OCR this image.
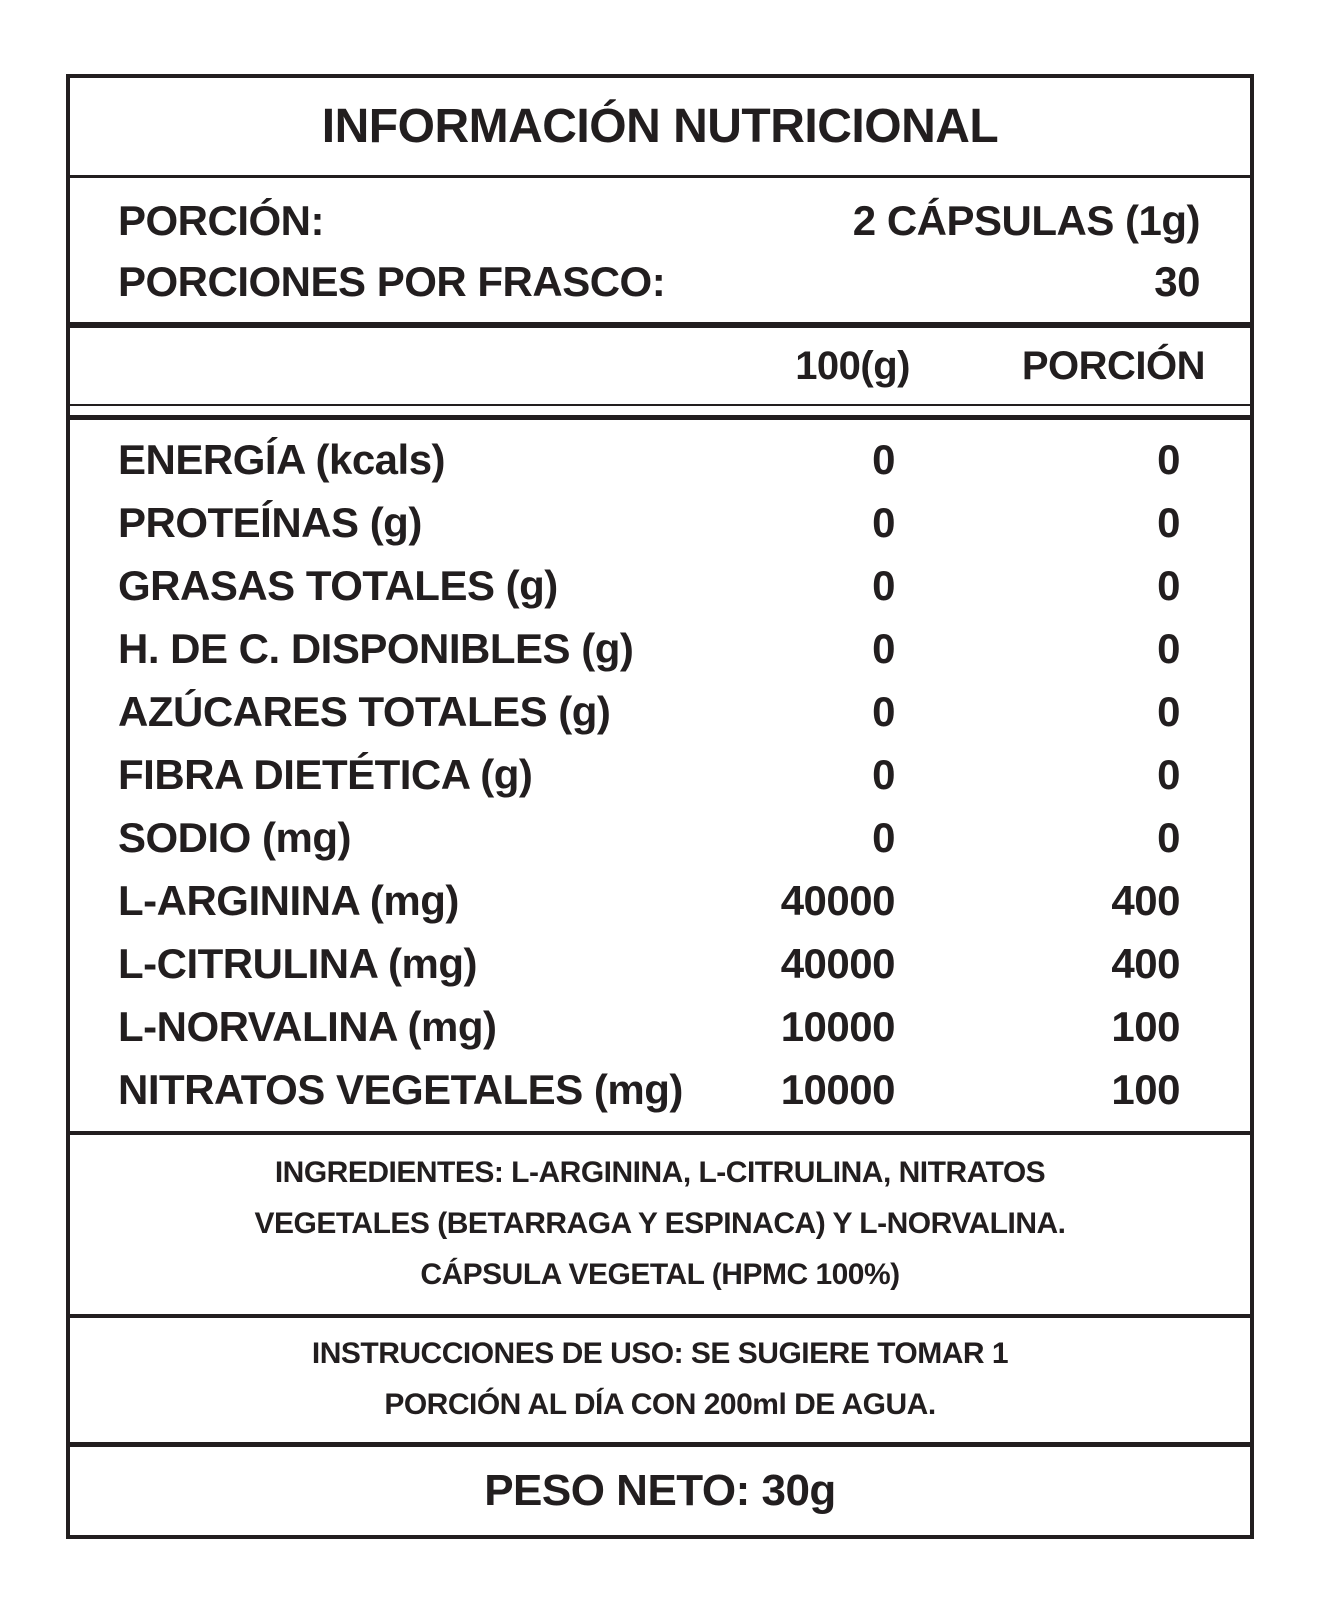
INFORMACIÓN NUTRICIONAL
PORCIÓN:	2 CÁPSULAS (1g)
PORCIONES POR FRASCO:	30
100(g)	PORCIÓN
ENERGÍA (kcals)	0	0
PROTEÍNAS (g)	0	0
GRASAS TOTALES (g)	0	0
H. DE C. DISPONIBLES (g)	0	0
AZÚCARES TOTALES (g)	0	0
FIBRA DIETÉTICA (g)	0	0
SODIO (mg)	0	0
L-ARGININA (mg)	40000	400
L-CITRULINA (mg)	40000	400
L-NORVALINA (mg)	10000	100
NITRATOS VEGETALES (mg) 10000	100
INGREDIENTES: L-ARGININA, L-CITRULINA, NITRATOS
VEGETALES (BETARRAGA Y ESPINACA) Y L-NORVALINA.
CÁPSULA VEGETAL (HPMC 100%)
INSTRUCCIONES DE USO: SE SUGIERE TOMAR 1
PORCIÓN AL DÍA CON 200ml DE AGUA.
PESO NETO: 30g
